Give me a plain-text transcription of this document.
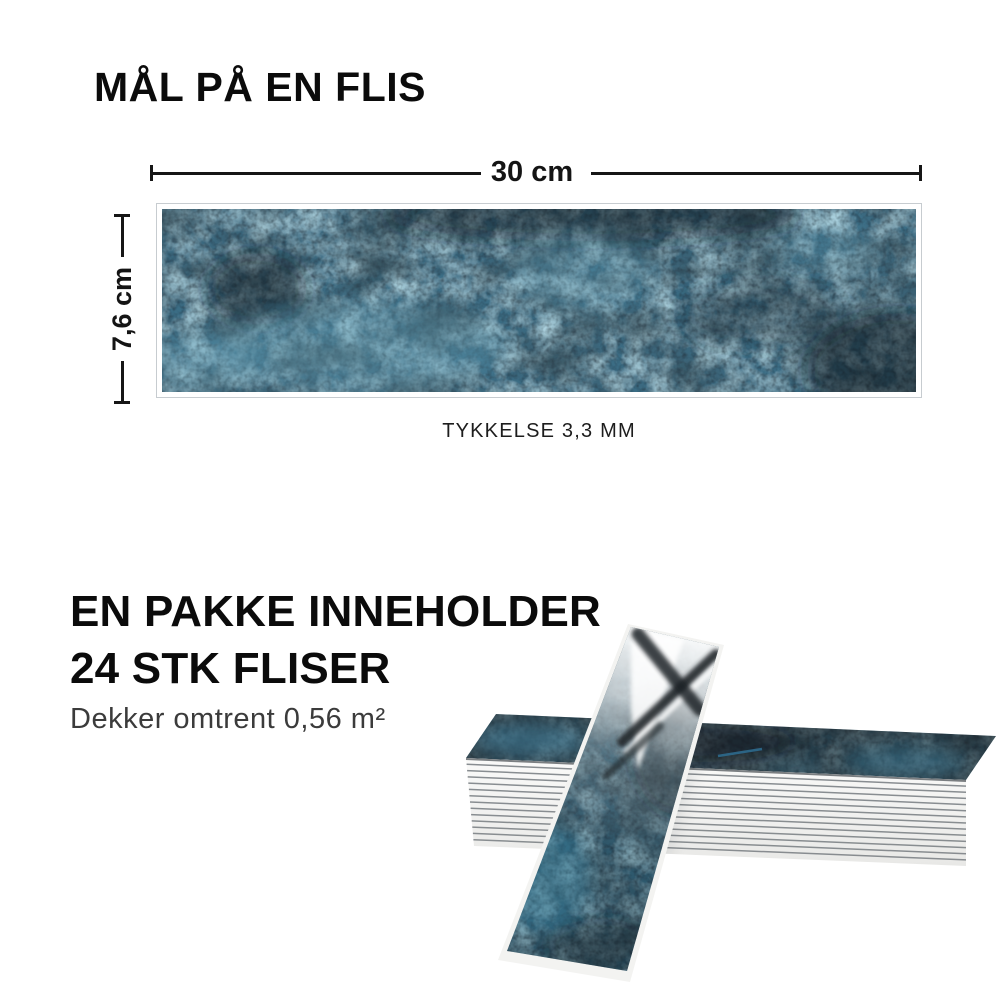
MÅL PÅ EN FLIS
30 cm
7,6 cm
TYKKELSE 3,3 MM
EN PAKKE INNEHOLDER
24 STK FLISER
Dekker omtrent 0,56 m²
